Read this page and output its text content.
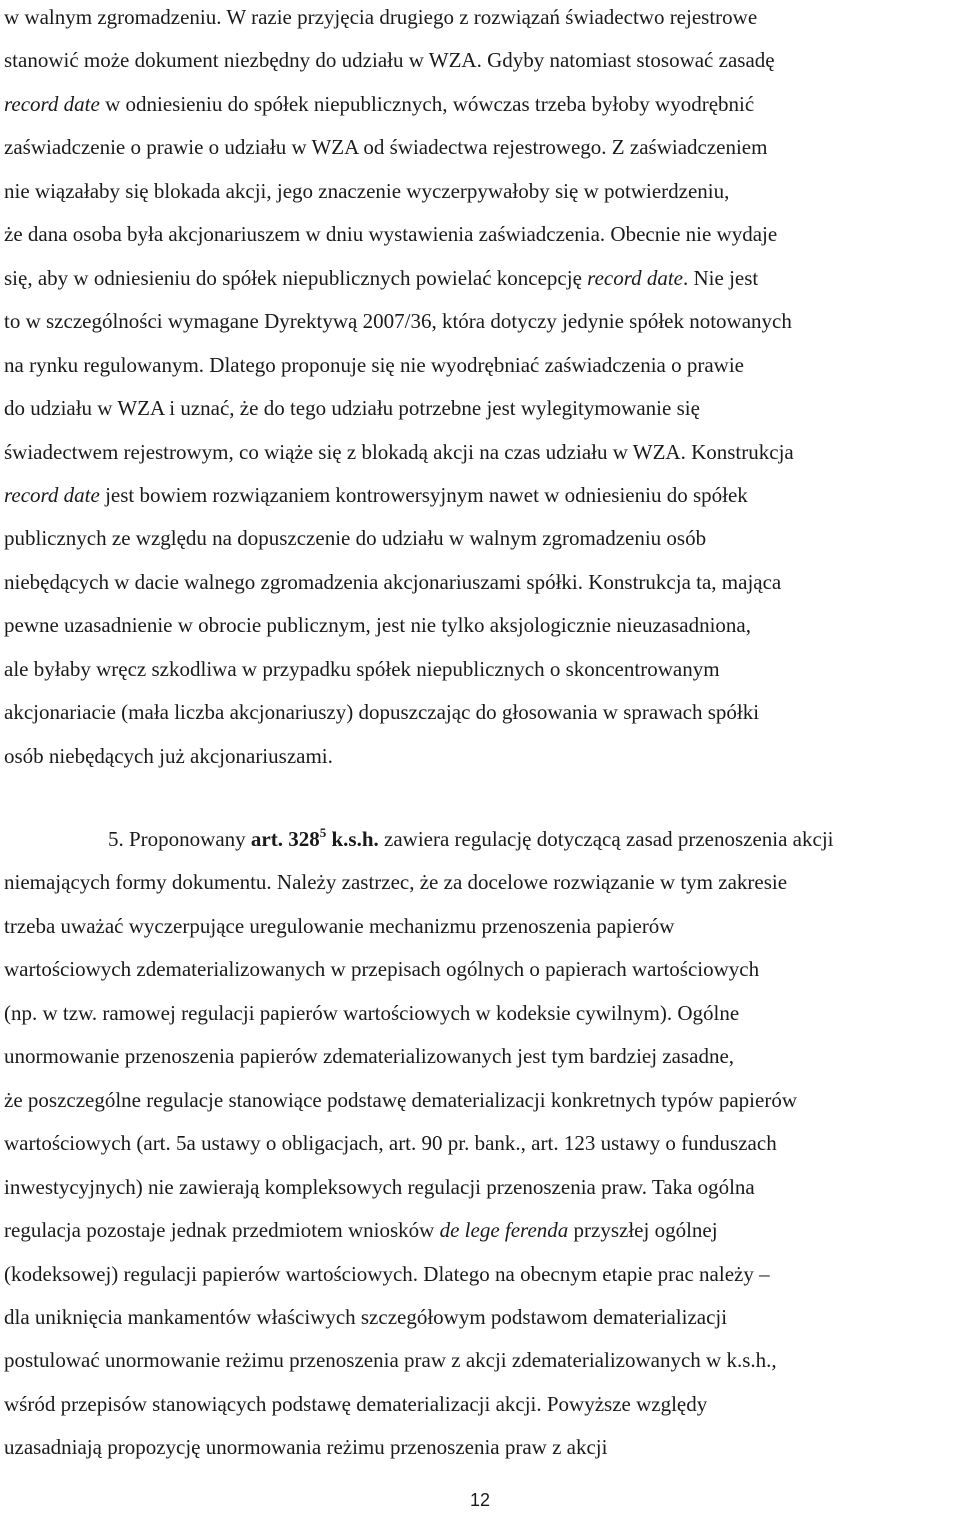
w walnym zgromadzeniu. W razie przyjęcia drugiego z rozwiązań świadectwo rejestrowe
stanowić może dokument niezbędny do udziału w WZA. Gdyby natomiast stosować zasadę
record date w odniesieniu do spółek niepublicznych, wówczas trzeba byłoby wyodrębnić
zaświadczenie o prawie o udziału w WZA od świadectwa rejestrowego. Z zaświadczeniem
nie wiązałaby się blokada akcji, jego znaczenie wyczerpywałoby się w potwierdzeniu,
że dana osoba była akcjonariuszem w dniu wystawienia zaświadczenia. Obecnie nie wydaje
się, aby w odniesieniu do spółek niepublicznych powielać koncepcję record date. Nie jest
to w szczególności wymagane Dyrektywą 2007/36, która dotyczy jedynie spółek notowanych
na rynku regulowanym. Dlatego proponuje się nie wyodrębniać zaświadczenia o prawie
do udziału w WZA i uznać, że do tego udziału potrzebne jest wylegitymowanie się
świadectwem rejestrowym, co wiąże się z blokadą akcji na czas udziału w WZA. Konstrukcja
record date jest bowiem rozwiązaniem kontrowersyjnym nawet w odniesieniu do spółek
publicznych ze względu na dopuszczenie do udziału w walnym zgromadzeniu osób
niebędących w dacie walnego zgromadzenia akcjonariuszami spółki. Konstrukcja ta, mająca
pewne uzasadnienie w obrocie publicznym, jest nie tylko aksjologicznie nieuzasadniona,
ale byłaby wręcz szkodliwa w przypadku spółek niepublicznych o skoncentrowanym
akcjonariacie (mała liczba akcjonariuszy) dopuszczając do głosowania w sprawach spółki
osób niebędących już akcjonariuszami.
5. Proponowany art. $328^5$ k.s.h. zawiera regulację dotyczącą zasad przenoszenia akcji
niemających formy dokumentu. Należy zastrzec, że za docelowe rozwiązanie w tym zakresie
trzeba uważać wyczerpujące uregulowanie mechanizmu przenoszenia papierów
wartościowych zdematerializowanych w przepisach ogólnych o papierach wartościowych
(np. w tzw. ramowej regulacji papierów wartościowych w kodeksie cywilnym). Ogólne
unormowanie przenoszenia papierów zdematerializowanych jest tym bardziej zasadne,
że poszczególne regulacje stanowiące podstawę dematerializacji konkretnych typów papierów
wartościowych (art. 5a ustawy o obligacjach, art. 90 pr. bank., art. 123 ustawy o funduszach
inwestycyjnych) nie zawierają kompleksowych regulacji przenoszenia praw. Taka ogólna
regulacja pozostaje jednak przedmiotem wniosków de lege ferenda przyszłej ogólnej
(kodeksowej) regulacji papierów wartościowych. Dlatego na obecnym etapie prac należy –
dla uniknięcia mankamentów właściwych szczegółowym podstawom dematerializacji
postulować unormowanie reżimu przenoszenia praw z akcji zdematerializowanych w k.s.h.,
wśród przepisów stanowiących podstawę dematerializacji akcji. Powyższe względy
uzasadniają propozycję unormowania reżimu przenoszenia praw z akcji
12
